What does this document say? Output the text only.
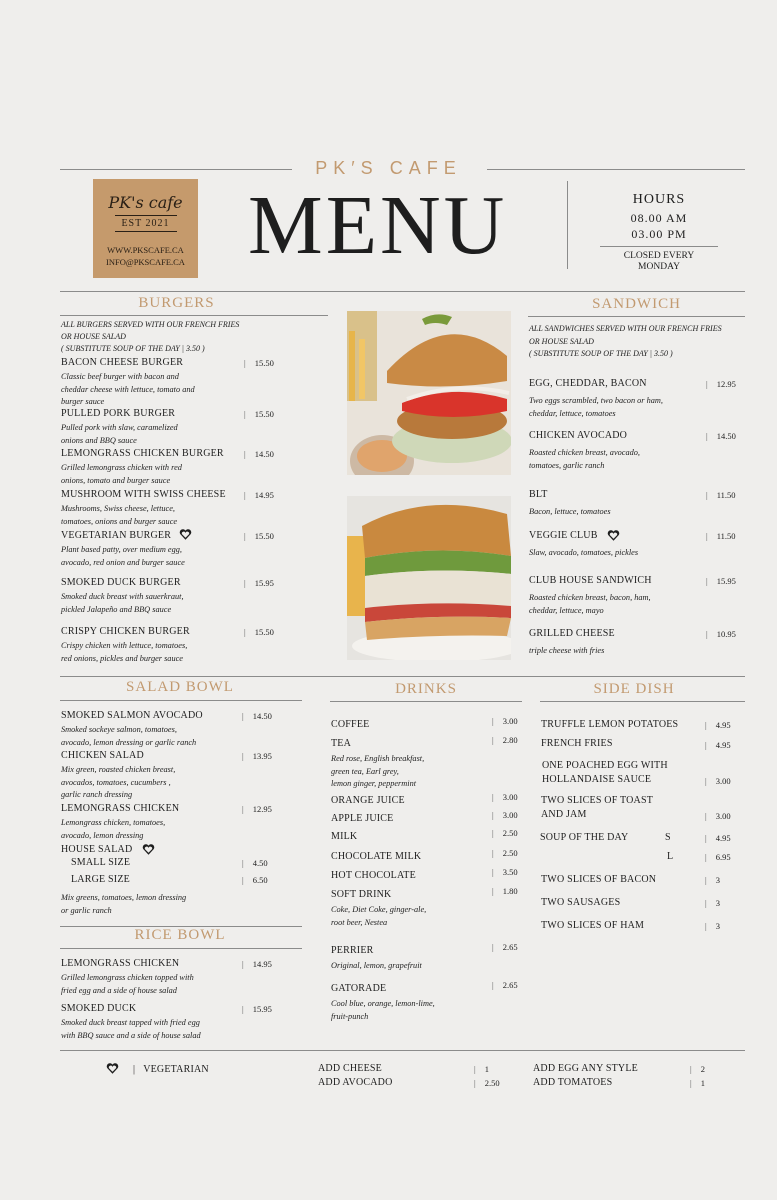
PK′S CAFE
PK's cafe
EST 2021
WWW.PKSCAFE.CA
INFO@PKSCAFE.CA MENU	HOURS
08.00 AM
03.00 PM
CLOSED EVERY
MONDAY
BURGERS	SANDWICH
SALAD BOWL	DRINKS	SIDE DISH
RICE BOWL
ALL BURGERS SERVED WITH OUR FRENCH FRIES
OR HOUSE SALAD
( SUBSTITUTE SOUP OF THE DAY | 3.50 )
BACON CHEESE BURGER	| 15.50
Classic beef burger with bacon and
cheddar cheese with lettuce, tomato and
burger sauce
PULLED PORK BURGER	| 15.50
Pulled pork with slaw, caramelized
onions and BBQ sauce
LEMONGRASS CHICKEN BURGER	| 14.50
Grilled lemongrass chicken with red
onions, tomato and burger sauce
MUSHROOM WITH SWISS CHEESE	| 14.95
Mushrooms, Swiss cheese, lettuce,
tomatoes, onions and burger sauce
VEGETARIAN BURGER	| 15.50
Plant based patty, over medium egg,
avocado, red onion and burger sauce
SMOKED DUCK BURGER	| 15.95
Smoked duck breast with sauerkraut,
pickled Jalapeño and BBQ sauce
CRISPY CHICKEN BURGER	| 15.50
Crispy chicken with lettuce, tomatoes,
red onions, pickles and burger sauce
ALL SANDWICHES SERVED WITH OUR FRENCH FRIES
OR HOUSE SALAD
( SUBSTITUTE SOUP OF THE DAY | 3.50 )
EGG, CHEDDAR, BACON	| 12.95
Two eggs scrambled, two bacon or ham,
cheddar, lettuce, tomatoes
CHICKEN AVOCADO	| 14.50
Roasted chicken breast, avocado,
tomatoes, garlic ranch
BLT	| 11.50
Bacon, lettuce, tomatoes
VEGGIE CLUB	| 11.50
Slaw, avocado, tomatoes, pickles
CLUB HOUSE SANDWICH	| 15.95
Roasted chicken breast, bacon, ham,
cheddar, lettuce, mayo
GRILLED CHEESE	| 10.95
triple cheese with fries
SMOKED SALMON AVOCADO	| 14.50
Smoked sockeye salmon, tomatoes,
avocado, lemon dressing or garlic ranch
CHICKEN SALAD	| 13.95
Mix green, roasted chicken breast,
avocados, tomatoes, cucumbers ,
garlic ranch dressing
LEMONGRASS CHICKEN	| 12.95
Lemongrass chicken, tomatoes,
avocado, lemon dressing
HOUSE SALAD
SMALL SIZE	| 4.50
LARGE SIZE	| 6.50
Mix greens, tomatoes, lemon dressing
or garlic ranch
LEMONGRASS CHICKEN	| 14.95
Grilled lemongrass chicken topped with
fried egg and a side of house salad
SMOKED DUCK	| 15.95
Smoked duck breast tapped with fried egg
with BBQ sauce and a side of house salad
COFFEE	| 3.00
TEA	| 2.80
Red rose, English breakfast,
green tea, Earl grey,
lemon ginger, peppermint
ORANGE JUICE	| 3.00
APPLE JUICE	| 3.00
MILK	| 2.50
CHOCOLATE MILK	| 2.50
HOT CHOCOLATE	| 3.50
SOFT DRINK	| 1.80
Coke, Diet Coke, ginger-ale,
root beer, Nestea
PERRIER	| 2.65
Original, lemon, grapefruit
GATORADE	| 2.65
Cool blue, orange, lemon-lime,
fruit-punch
TRUFFLE LEMON POTATOES	| 4.95
FRENCH FRIES	| 4.95
ONE POACHED EGG WITH
HOLLANDAISE SAUCE	| 3.00
TWO SLICES OF TOAST
AND JAM	| 3.00
TWO SLICES OF BACON	| 3
TWO SAUSAGES	| 3
TWO SLICES OF HAM	| 3
SOUP OF THE DAY	S	| 4.95
L	| 6.95
| VEGETARIAN	ADD CHEESE	| 1
ADD AVOCADO	| 2.50
ADD EGG ANY STYLE	| 2
ADD TOMATOES	| 1
